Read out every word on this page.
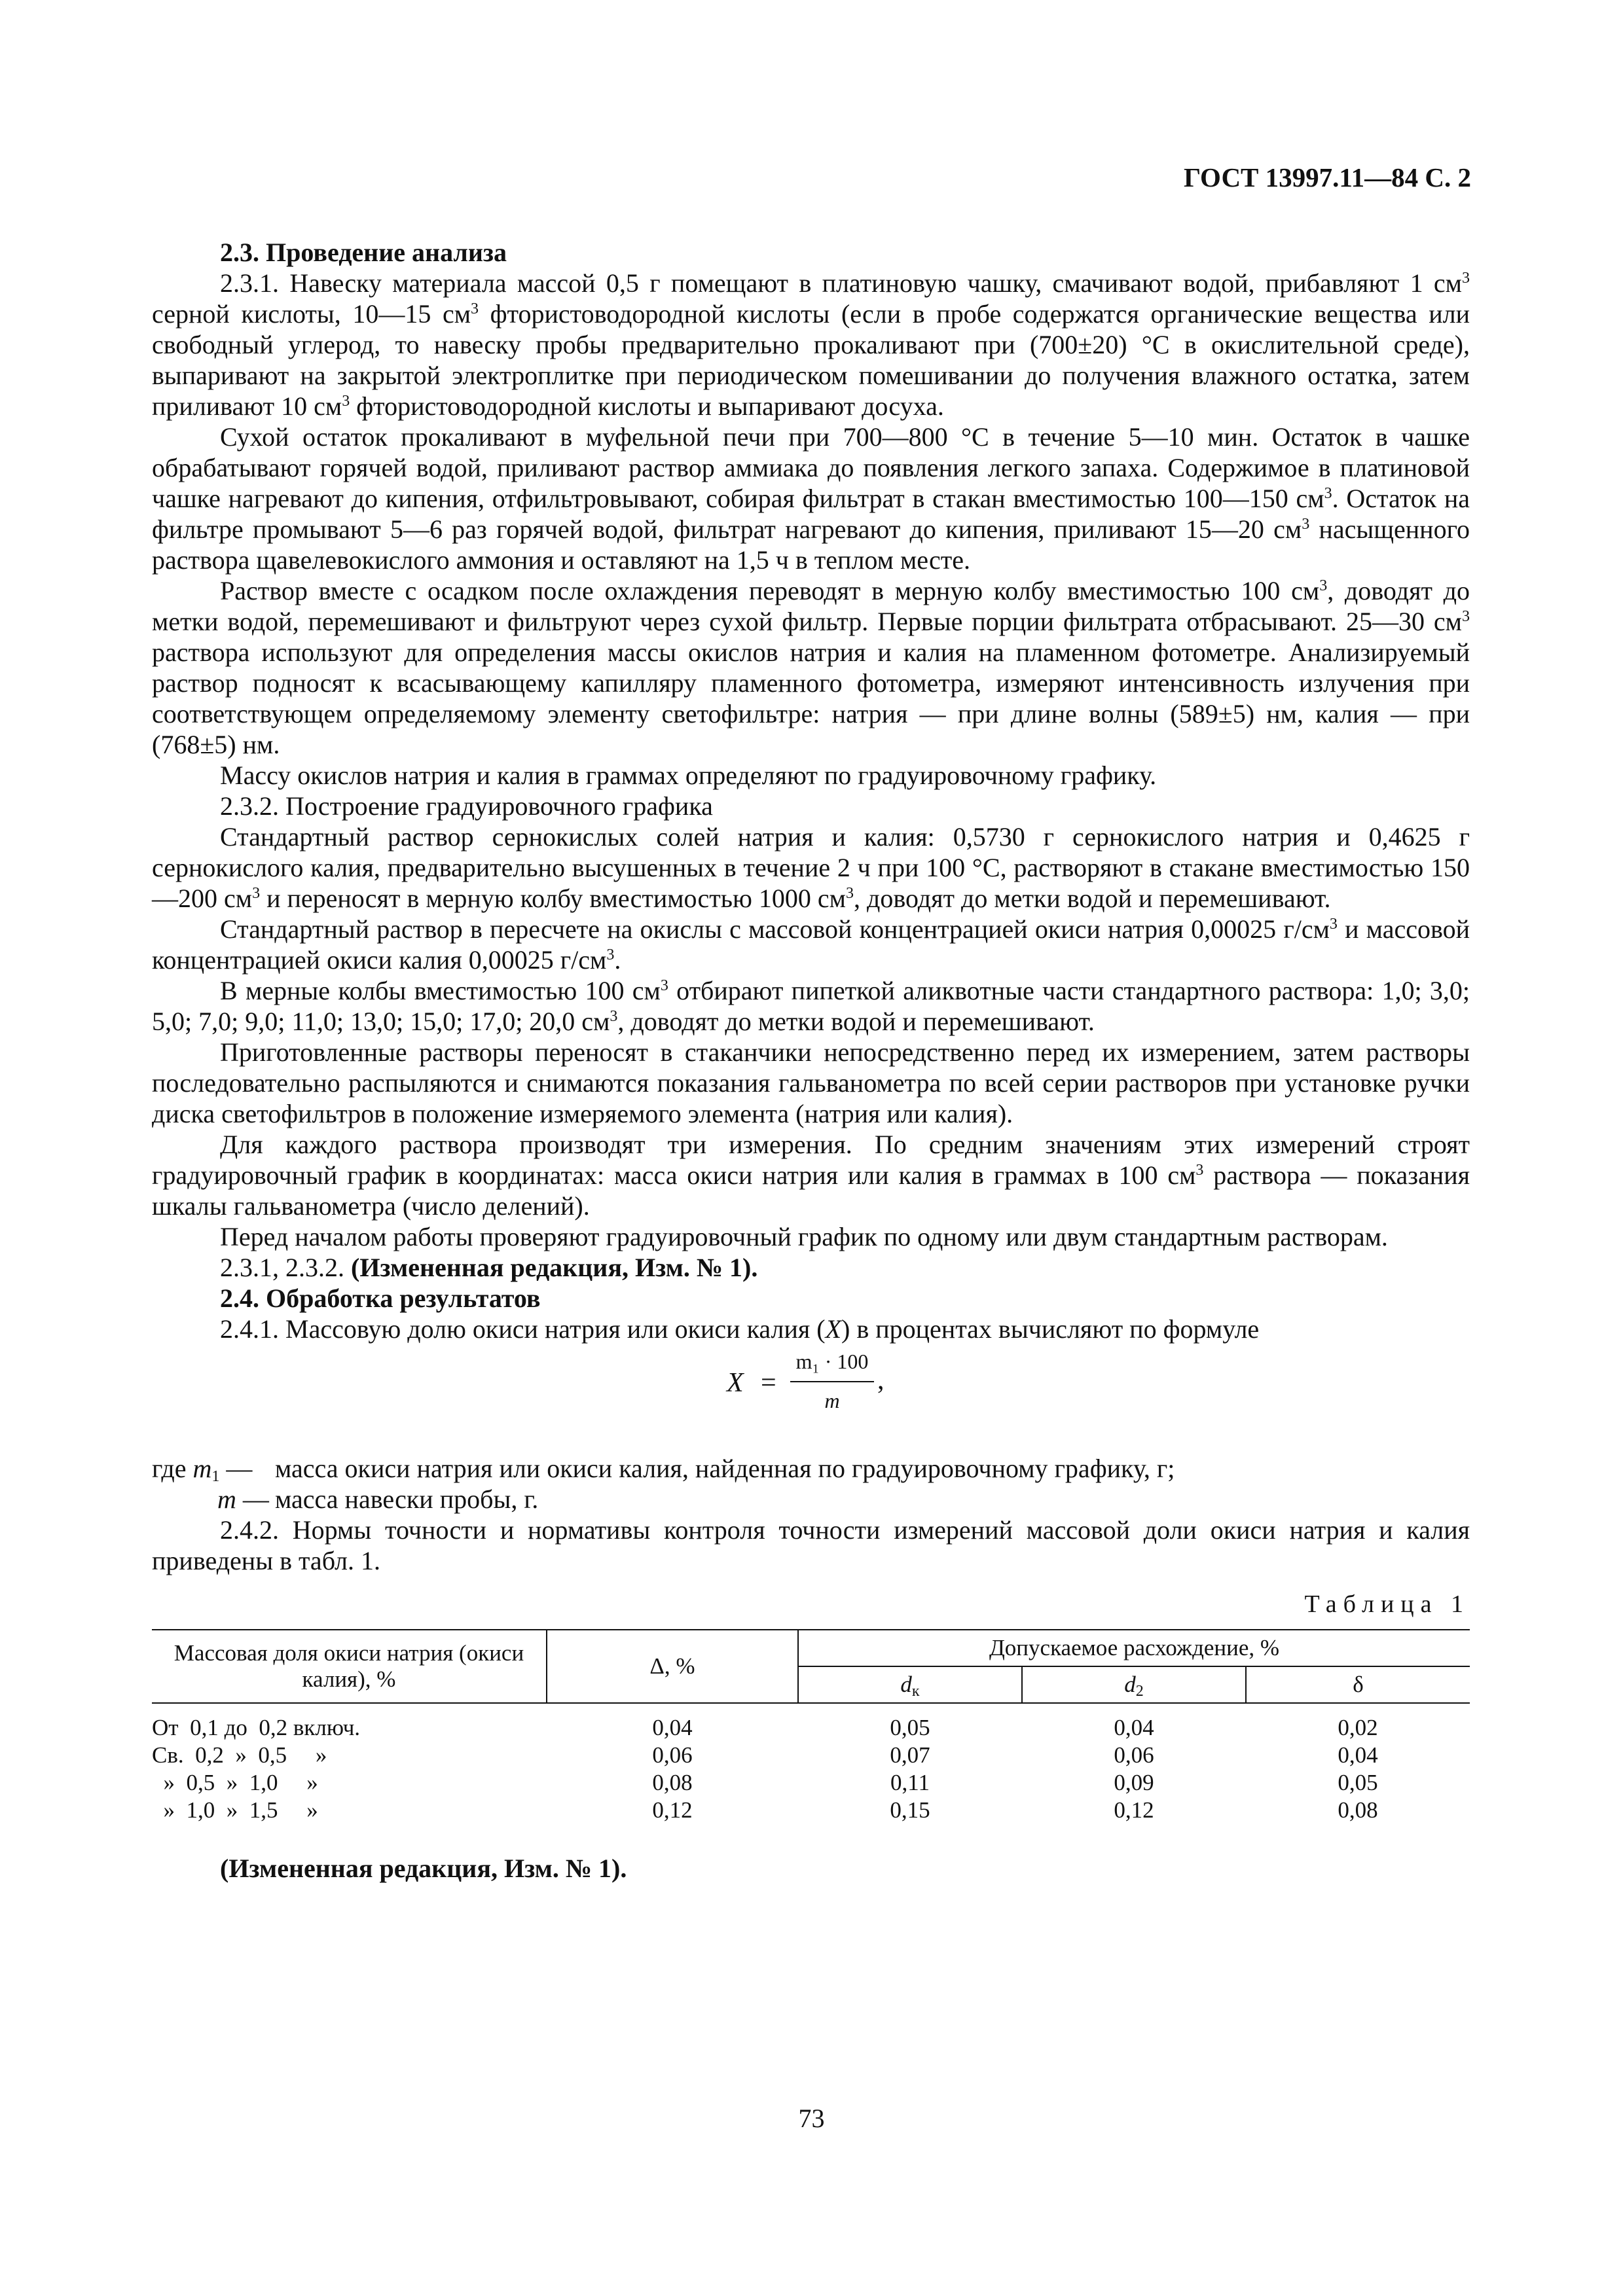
ГОСТ 13997.11—84 С. 2

2.3. Проведение анализа

2.3.1. Навеску материала массой 0,5 г помещают в платиновую чашку, смачивают водой, прибавляют 1 $см^3$ серной кислоты, 10—15 $см^3$ фтористоводородной кислоты (если в пробе содержатся органические вещества или свободный углерод, то навеску пробы предварительно прокаливают при (700±20) °С в окислительной среде), выпаривают на закрытой электроплитке при периодическом помешивании до получения влажного остатка, затем приливают 10 $см^3$ фтористоводородной кислоты и выпаривают досуха.

Сухой остаток прокаливают в муфельной печи при 700—800 °С в течение 5—10 мин. Остаток в чашке обрабатывают горячей водой, приливают раствор аммиака до появления легкого запаха. Содержимое в платиновой чашке нагревают до кипения, отфильтровывают, собирая фильтрат в стакан вместимостью 100—150 $см^3$. Остаток на фильтре промывают 5—6 раз горячей водой, фильтрат нагревают до кипения, приливают 15—20 $см^3$ насыщенного раствора щавелевокислого аммония и оставляют на 1,5 ч в теплом месте.

Раствор вместе с осадком после охлаждения переводят в мерную колбу вместимостью 100 $см^3$, доводят до метки водой, перемешивают и фильтруют через сухой фильтр. Первые порции фильтрата отбрасывают. 25—30 $см^3$ раствора используют для определения массы окислов натрия и калия на пламенном фотометре. Анализируемый раствор подносят к всасывающему капилляру пламенного фотометра, измеряют интенсивность излучения при соответствующем определяемому элементу светофильтре: натрия — при длине волны (589±5) нм, калия — при (768±5) нм.

Массу окислов натрия и калия в граммах определяют по градуировочному графику.

2.3.2. Построение градуировочного графика

Стандартный раствор сернокислых солей натрия и калия: 0,5730 г сернокислого натрия и 0,4625 г сернокислого калия, предварительно высушенных в течение 2 ч при 100 °С, растворяют в стакане вместимостью 150—200 $см^3$ и переносят в мерную колбу вместимостью 1000 $см^3$, доводят до метки водой и перемешивают.

Стандартный раствор в пересчете на окислы с массовой концентрацией окиси натрия 0,00025 $г/см^3$ и массовой концентрацией окиси калия 0,00025 $г/см^3$.

В мерные колбы вместимостью 100 $см^3$ отбирают пипеткой аликвотные части стандартного раствора: 1,0; 3,0; 5,0; 7,0; 9,0; 11,0; 13,0; 15,0; 17,0; 20,0 $см^3$, доводят до метки водой и перемешивают.

Приготовленные растворы переносят в стаканчики непосредственно перед их измерением, затем растворы последовательно распыляются и снимаются показания гальванометра по всей серии растворов при установке ручки диска светофильтров в положение измеряемого элемента (натрия или калия).

Для каждого раствора производят три измерения. По средним значениям этих измерений строят градуировочный график в координатах: масса окиси натрия или калия в граммах в 100 $см^3$ раствора — показания шкалы гальванометра (число делений).

Перед началом работы проверяют градуировочный график по одному или двум стандартным растворам.

2.3.1, 2.3.2. (Измененная редакция, Изм. № 1).

2.4. Обработка результатов

2.4.1. Массовую долю окиси натрия или окиси калия (X) в процентах вычисляют по формуле

X =
m₁ · 100
m
,
где $m_1$ — масса окиси натрия или окиси калия, найденная по градуировочному графику, г;
m — масса навески пробы, г.

2.4.2. Нормы точности и нормативы контроля точности измерений массовой доли окиси натрия и калия приведены в табл. 1.

Таблица 1
Массовая доля окиси натрия (окиси калия), %	Δ, %	Допускаемое расхождение, %		
		$d_к$	$d_2$	δ
От  0,1 до  0,2 включ.	0,04	0,05	0,04	0,02
Св.  0,2  »  0,5     »	0,06	0,07	0,06	0,04
»  0,5  »  1,0     »	0,08	0,11	0,09	0,05
»  1,0  »  1,5     »	0,12	0,15	0,12	0,08
(Измененная редакция, Изм. № 1).
73
